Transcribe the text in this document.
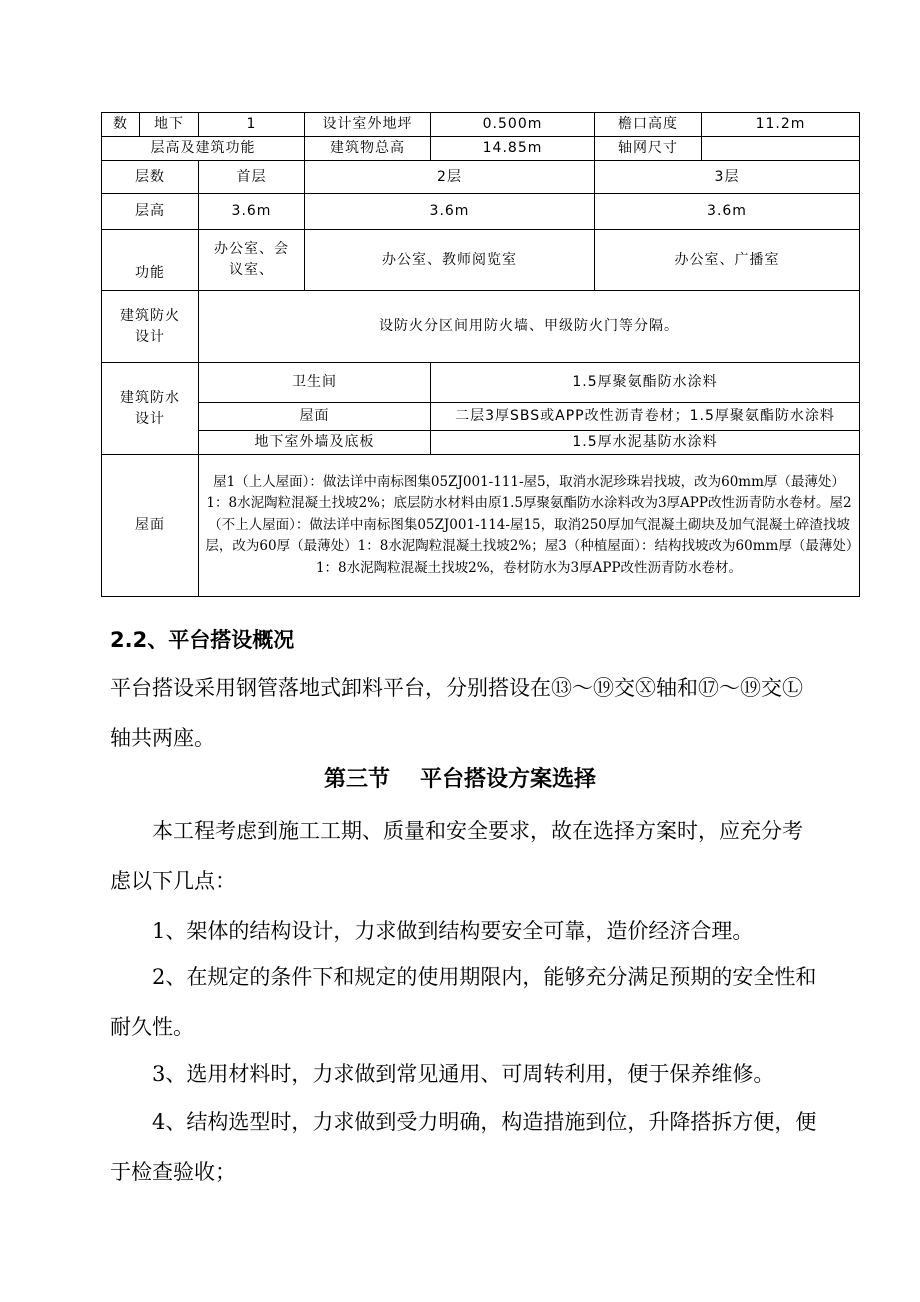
数	地下	1	设计室外地坪	0.500m	檐口高度	11.2m
层高及建筑功能			建筑物总高	14.85m	轴网尺寸	
层数		首层	2层		3层	
层高		3.6m	3.6m		3.6m	
功能		办公室、会议室、	办公室、教师阅览室		办公室、广播室	
建筑防火设计		设防火分区间用防火墙、甲级防火门等分隔。				
建筑防水设计		卫生间		1.5厚聚氨酯防水涂料		
		屋面		二层3厚SBS或APP改性沥青卷材；1.5厚聚氨酯防水涂料		
		地下室外墙及底板		1.5厚水泥基防水涂料		
屋面		屋1（上人屋面）：做法详中南标图集05ZJ001-111-屋5，取消水泥珍珠岩找坡，改为60mm厚（最薄处）1：8水泥陶粒混凝土找坡2%；底层防水材料由原1.5厚聚氨酯防水涂料改为3厚APP改性沥青防水卷材。屋2（不上人屋面）：做法详中南标图集05ZJ001-114-屋15，取消250厚加气混凝土砌块及加气混凝土碎渣找坡层，改为60厚（最薄处）1：8水泥陶粒混凝土找坡2%；屋3（种植屋面）：结构找坡改为60mm厚（最薄处）1：8水泥陶粒混凝土找坡2%，卷材防水为3厚APP改性沥青防水卷材。				
2.2、平台搭设概况

平台搭设采用钢管落地式卸料平台，分别搭设在⑬～⑲交Ⓧ轴和⑰～⑲交Ⓛ轴共两座。

第三节 平台搭设方案选择

本工程考虑到施工工期、质量和安全要求，故在选择方案时，应充分考虑以下几点：

1、架体的结构设计，力求做到结构要安全可靠，造价经济合理。

2、在规定的条件下和规定的使用期限内，能够充分满足预期的安全性和耐久性。

3、选用材料时，力求做到常见通用、可周转利用，便于保养维修。

4、结构选型时，力求做到受力明确，构造措施到位，升降搭拆方便，便于检查验收；
